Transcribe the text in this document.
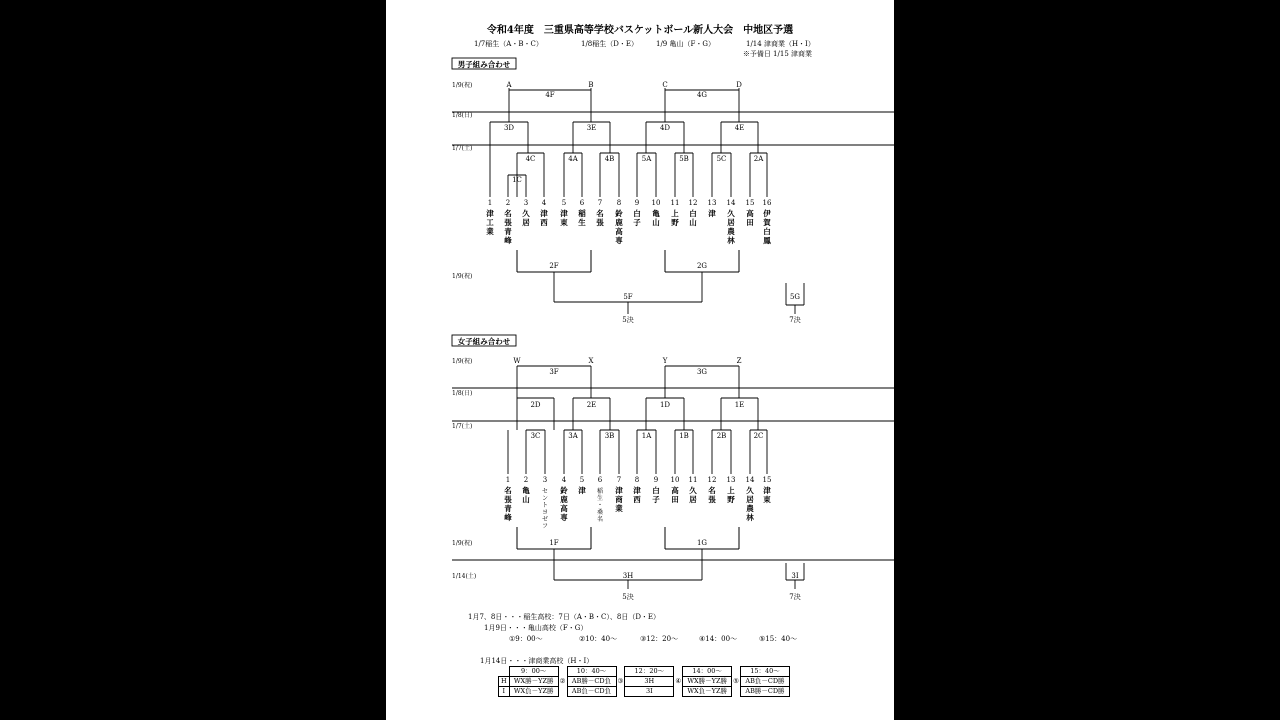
令和4年度　三重県高等学校バスケットボール新人大会　中地区予選
1/7稲生（A・B・C）	1/8稲生（D・E）	1/9 亀山（F・G）	1/14 津商業（H・I）
※予備日 1/15 津商業
男子組み合わせ
1/9(祝)
1/8(日)
1/7(土)
1/9(祝)
A	B	C	D
4F	4G
3D	3E	4D	4E
4C	4A	4B	5A	5B	5C	2A
1C
1 2 3 4 5 6 7 8 9 10 11 12 13 14 15 16
津
工
業
名
張
青
峰
久
居
津
西
津
東
稲
生
名
張
鈴
鹿
高
専
白
子
亀
山
上
野
白
山
津 久
居
農
林
高
田
伊
賀
白
鳳
2F	2G
5F
5決
5G
7決
女子組み合わせ
1/9(祝)
1/8(日)
1/7(土)
1/9(祝)
1/14(土)
W	X	Y	Z
3F	3G
2D	2E	1D	1E
3C	3A	3B	1A	1B	2B	2C
1 2 3 4 5 6 7 8 9 10 11 12 13 14 15
名
張
青
峰
亀
山
セ
ン
ト
ヨ
ゼ
フ
鈴
鹿
高
専
津 稲
生
・
桑
名
津
商
業
津
西
白
子
高
田
久
居
名
張
上
野
久
居
農
林
津
東
1F	1G
3H
5決
3I
7決
1月7、8日・・・稲生高校：7日（A・B・C）、8日（D・E）
1月9日・・・亀山高校（F・G）
①9：00〜	②10：40〜	③12：20〜	④14：00〜	⑤15：40〜
1月14日・・・津商業高校（H・I）
	9：00〜		10：40〜		12：20〜		14：00〜		15：40〜
H	WX勝－YZ勝	②	AB勝－CD負	③	3H	④	WX勝－YZ勝	⑤	AB負－CD勝
I	WX負－YZ勝		AB負－CD負		3I		WX負－YZ勝		AB勝－CD勝
